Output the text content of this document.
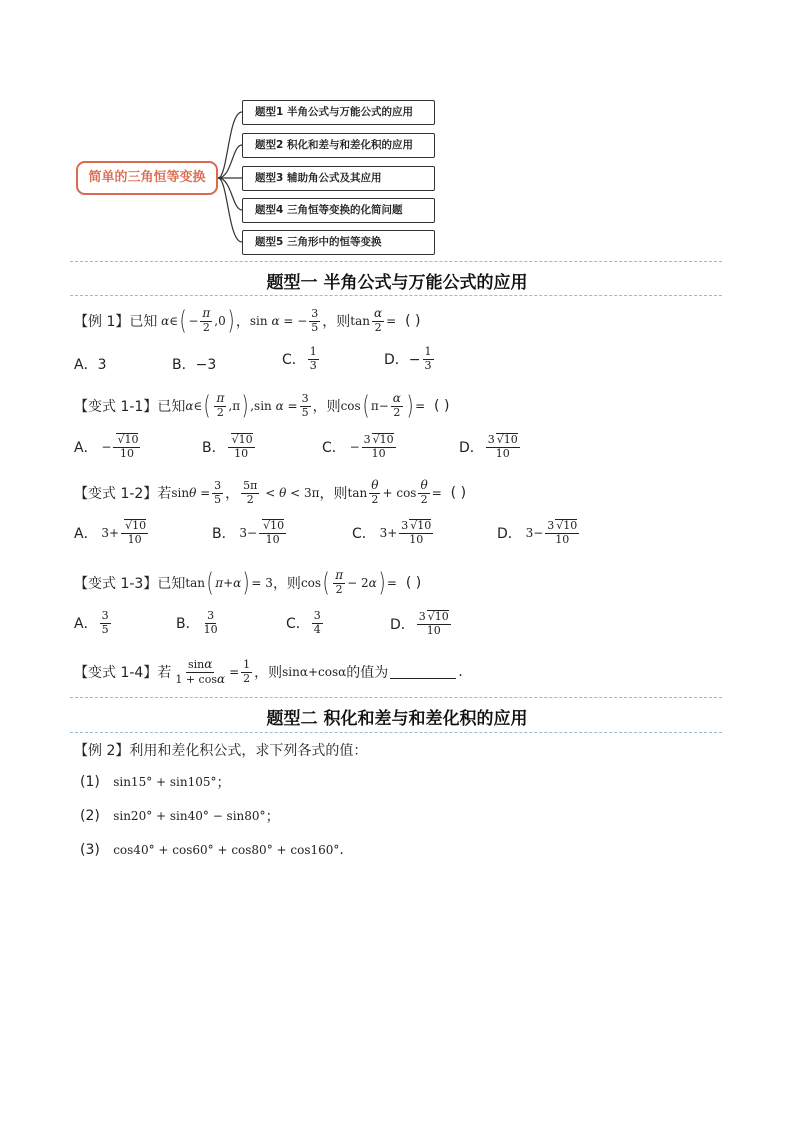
简单的三角恒等变换
题型1 半角公式与万能公式的应用
题型2 积化和差与和差化积的应用
题型3 辅助角公式及其应用
题型4 三角恒等变换的化简问题
题型5 三角形中的恒等变换
题型一 半角公式与万能公式的应用
【例 1】 已知 α ∈ ( − $\frac{\pi}{2} ,0$ ) ， sin α = − $\frac{3}{5}$ ，则 $\tan \frac{\alpha}{2}$ =
( )
A．3	B．−3	C． $\frac{1}{3}$	D．− $\frac{1}{3}$
【变式 1-1】 已知 α ∈ ( $\frac{\pi}{2} ,\pi$ ) ,sin $\alpha = \frac{3}{5}$ ，则 cos ( $\pi- \frac{\alpha}{2}$ ) =
( )
A． − $\frac{√10}{10}$	B． $\frac{√10}{10}$	C． − $\frac{3 √10}{10}$	D． $\frac{3 √10}{10}$
【变式 1-2】 若 $\sin \theta = \frac{3}{5}$ ， $\frac{5\pi}{2} < \theta < 3\pi$ ，则 $\tan \frac{\theta}{2} + \cos \frac{\theta}{2}$ =
( )
A． $3+ \frac{√10}{10}$	B． $3- \frac{√10}{10}$	C． $3+ \frac{3 √10}{10}$	D． $3- \frac{3 √10}{10}$
【变式 1-3】 已知 tan ( π + α ) = 3 ，则 cos ( $\frac{\pi}{2} - 2$ α ) =
( )
A． $\frac{3}{5}$	B． $\frac{3}{10}$	C． $\frac{3}{4}$	D． $\frac{3 √10}{10}$
【变式 1-4】 若 $\frac{\sin\alpha}{1 + \cos\alpha} = \frac{1}{2}$ ，则 sinα+cosα 的值为	.
题型二 积化和差与和差化积的应用
【例 2】 利用和差化积公式，求下列各式的值：
(1)
sin15° + sin105° ；
(2)
sin20° + sin40° − sin80° ；
(3)
cos40° + cos60° + cos80° + cos160° .
